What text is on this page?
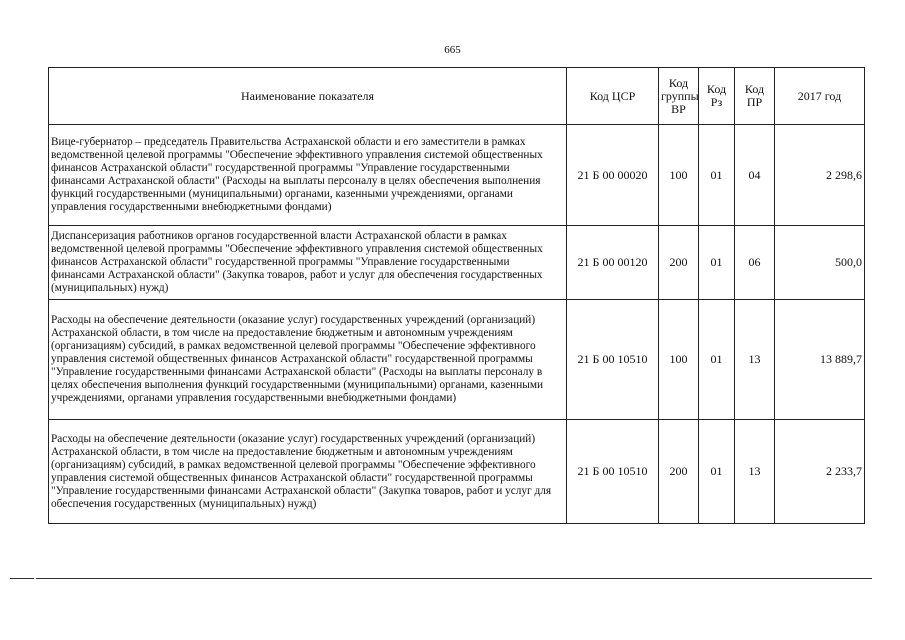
665
Наименование показателя	Код ЦСР	Код группы ВР	Код Рз	Код ПР	2017 год
Вице-губернатор – председатель Правительства Астраханской области и его заместители в рамках ведомственной целевой программы "Обеспечение эффективного управления системой общественных финансов Астраханской области" государственной программы "Управление государственными финансами Астраханской области" (Расходы на выплаты персоналу в целях обеспечения выполнения функций государственными (муниципальными) органами, казенными учреждениями, органами управления государственными внебюджетными фондами)	21 Б 00 00020	100	01	04	2 298,6
Диспансеризация работников органов государственной власти Астраханской области в рамках ведомственной целевой программы "Обеспечение эффективного управления системой общественных финансов Астраханской области" государственной программы "Управление государственными финансами Астраханской области" (Закупка товаров, работ и услуг для обеспечения государственных (муниципальных) нужд)	21 Б 00 00120	200	01	06	500,0
Расходы на обеспечение деятельности (оказание услуг) государственных учреждений (организаций) Астраханской области, в том числе на предоставление бюджетным и автономным учреждениям (организациям) субсидий, в рамках ведомственной целевой программы "Обеспечение эффективного управления системой общественных финансов Астраханской области" государственной программы "Управление государственными финансами Астраханской области" (Расходы на выплаты персоналу в целях обеспечения выполнения функций государственными (муниципальными) органами, казенными учреждениями, органами управления государственными внебюджетными фондами)	21 Б 00 10510	100	01	13	13 889,7
Расходы на обеспечение деятельности (оказание услуг) государственных учреждений (организаций) Астраханской области, в том числе на предоставление бюджетным и автономным учреждениям (организациям) субсидий, в рамках ведомственной целевой программы "Обеспечение эффективного управления системой общественных финансов Астраханской области" государственной программы "Управление государственными финансами Астраханской области" (Закупка товаров, работ и услуг для обеспечения государственных (муниципальных) нужд)	21 Б 00 10510	200	01	13	2 233,7
